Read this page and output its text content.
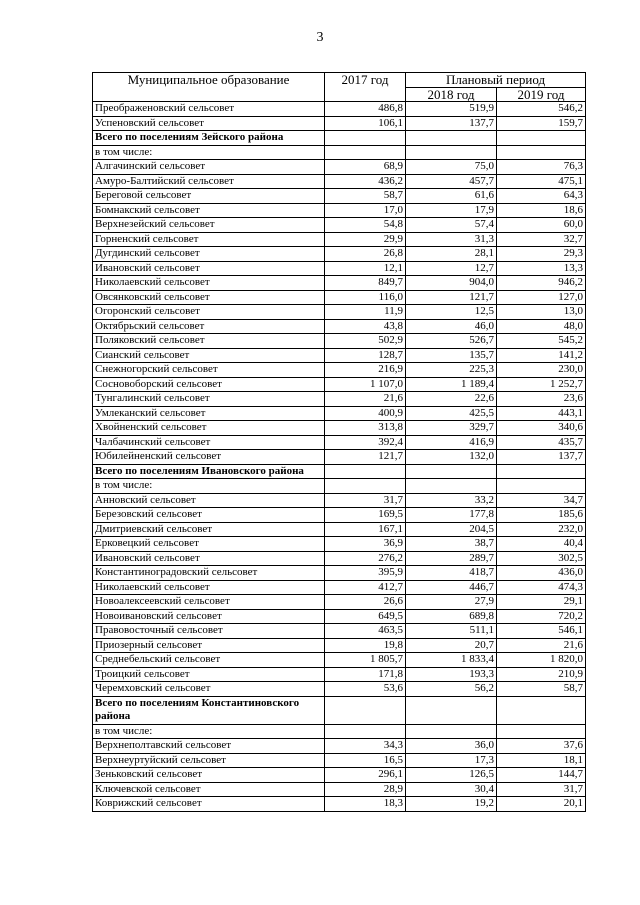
3
Муниципальное образование	2017 год	Плановый период	
		2018 год	2019 год
Преображеновский сельсовет	486,8	519,9	546,2
Успеновский сельсовет	106,1	137,7	159,7
Всего по поселениям Зейского района			
в том числе:			
Алгачинский сельсовет	68,9	75,0	76,3
Амуро-Балтийский сельсовет	436,2	457,7	475,1
Береговой сельсовет	58,7	61,6	64,3
Бомнакский сельсовет	17,0	17,9	18,6
Верхнезейский сельсовет	54,8	57,4	60,0
Горненский сельсовет	29,9	31,3	32,7
Дугдинский сельсовет	26,8	28,1	29,3
Ивановский сельсовет	12,1	12,7	13,3
Николаевский сельсовет	849,7	904,0	946,2
Овсянковский сельсовет	116,0	121,7	127,0
Огоронский сельсовет	11,9	12,5	13,0
Октябрьский сельсовет	43,8	46,0	48,0
Поляковский сельсовет	502,9	526,7	545,2
Сианский сельсовет	128,7	135,7	141,2
Снежногорский сельсовет	216,9	225,3	230,0
Сосновоборский сельсовет	1 107,0	1 189,4	1 252,7
Тунгалинский сельсовет	21,6	22,6	23,6
Умлеканский сельсовет	400,9	425,5	443,1
Хвойненский сельсовет	313,8	329,7	340,6
Чалбачинский сельсовет	392,4	416,9	435,7
Юбилейненский сельсовет	121,7	132,0	137,7
Всего по поселениям Ивановского района			
в том числе:			
Анновский сельсовет	31,7	33,2	34,7
Березовский сельсовет	169,5	177,8	185,6
Дмитриевский сельсовет	167,1	204,5	232,0
Ерковецкий сельсовет	36,9	38,7	40,4
Ивановский сельсовет	276,2	289,7	302,5
Константиноградовский сельсовет	395,9	418,7	436,0
Николаевский сельсовет	412,7	446,7	474,3
Новоалексеевский сельсовет	26,6	27,9	29,1
Новоивановский сельсовет	649,5	689,8	720,2
Правовосточный сельсовет	463,5	511,1	546,1
Приозерный сельсовет	19,8	20,7	21,6
Среднебельский сельсовет	1 805,7	1 833,4	1 820,0
Троицкий сельсовет	171,8	193,3	210,9
Черемховский сельсовет	53,6	56,2	58,7
Всего по поселениям Константиновского района			
в том числе:			
Верхнеполтавский сельсовет	34,3	36,0	37,6
Верхнеуртуйский сельсовет	16,5	17,3	18,1
Зеньковский сельсовет	296,1	126,5	144,7
Ключевской сельсовет	28,9	30,4	31,7
Коврижский сельсовет	18,3	19,2	20,1
